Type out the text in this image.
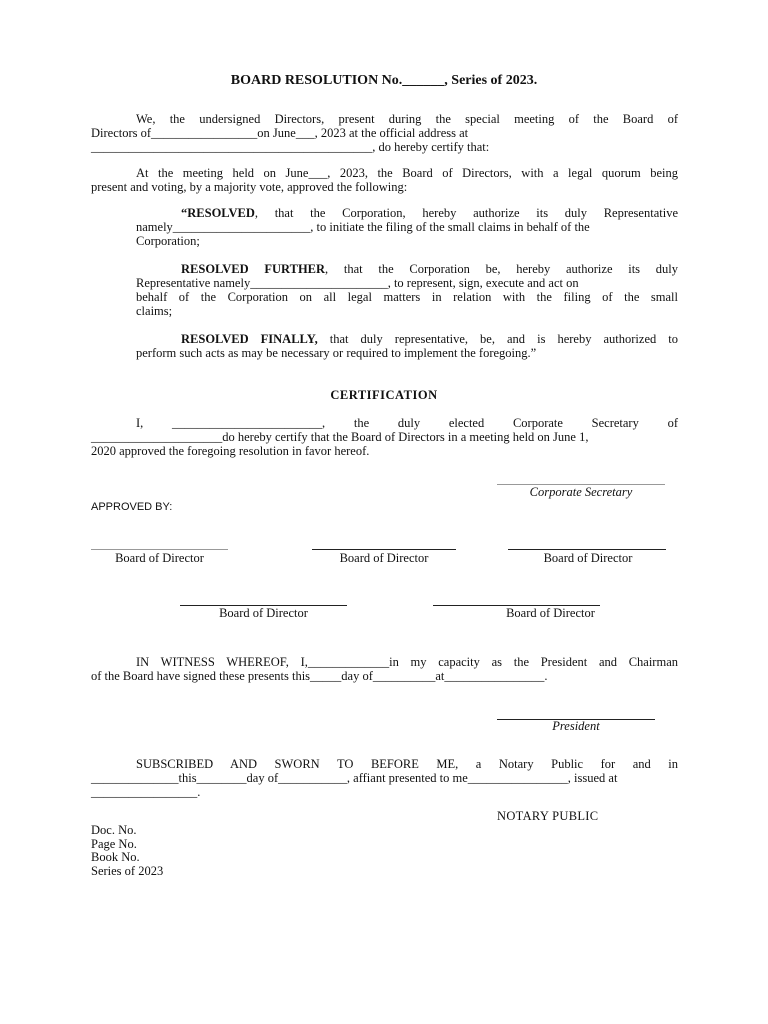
BOARD RESOLUTION No.______, Series of 2023.
We, the undersigned Directors, present during the special meeting of the Board of
Directors of_________________on June___, 2023 at the official address at
_____________________________________________, do hereby certify that:
At the meeting held on June___, 2023, the Board of Directors, with a legal quorum being
present and voting, by a majority vote, approved the following:
“RESOLVED, that the Corporation, hereby authorize its duly Representative
namely______________________, to initiate the filing of the small claims in behalf of the
Corporation;
RESOLVED FURTHER, that the Corporation be, hereby authorize its duly
Representative namely______________________, to represent, sign, execute and act on
behalf of the Corporation on all legal matters in relation with the filing of the small
claims;
RESOLVED FINALLY, that duly representative, be, and is hereby authorized to
perform such acts as may be necessary or required to implement the foregoing.”
CERTIFICATION
I, ________________________, the duly elected Corporate Secretary of
_____________________do hereby certify that the Board of Directors in a meeting held on June 1,
2020 approved the foregoing resolution in favor hereof.
Corporate Secretary
APPROVED BY:
Board of Director	Board of Director	Board of Director
Board of Director	Board of Director
IN WITNESS WHEREOF, I,_____________in my capacity as the President and Chairman
of the Board have signed these presents this_____day of__________at________________.
President
SUBSCRIBED AND SWORN TO BEFORE ME, a Notary Public for and in
______________this________day of___________, affiant presented to me________________, issued at
_________________.
NOTARY PUBLIC
Doc. No.
Page No.
Book No.
Series of 2023
